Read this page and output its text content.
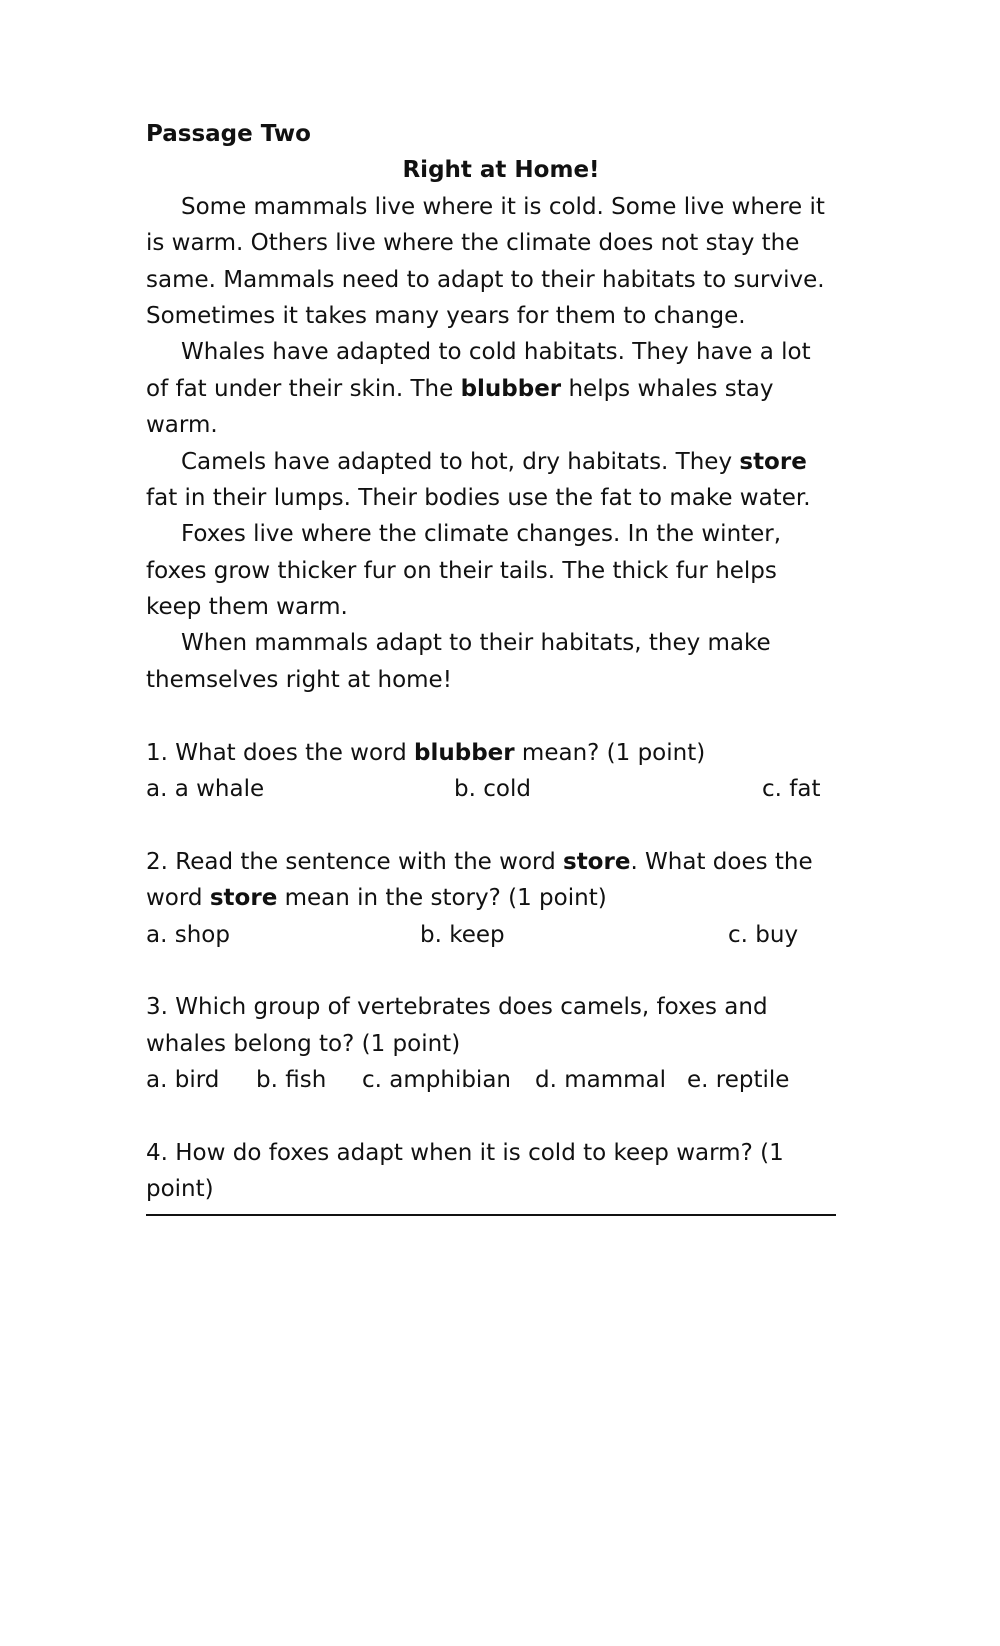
Passage Two
Right at Home!
Some mammals live where it is cold. Some live where it
is warm. Others live where the climate does not stay the
same. Mammals need to adapt to their habitats to survive.
Sometimes it takes many years for them to change.
Whales have adapted to cold habitats. They have a lot
of fat under their skin. The blubber helps whales stay
warm.
Camels have adapted to hot, dry habitats. They store
fat in their lumps. Their bodies use the fat to make water.
Foxes live where the climate changes. In the winter,
foxes grow thicker fur on their tails. The thick fur helps
keep them warm.
When mammals adapt to their habitats, they make
themselves right at home!
1. What does the word blubber mean? (1 point)
a. a whale	b. cold	c. fat
2. Read the sentence with the word store. What does the
word store mean in the story? (1 point)
a. shop	b. keep	c. buy
3. Which group of vertebrates does camels, foxes and
whales belong to? (1 point)
a. bird b. fish c. amphibian d. mammal e. reptile
4. How do foxes adapt when it is cold to keep warm? (1
point)
